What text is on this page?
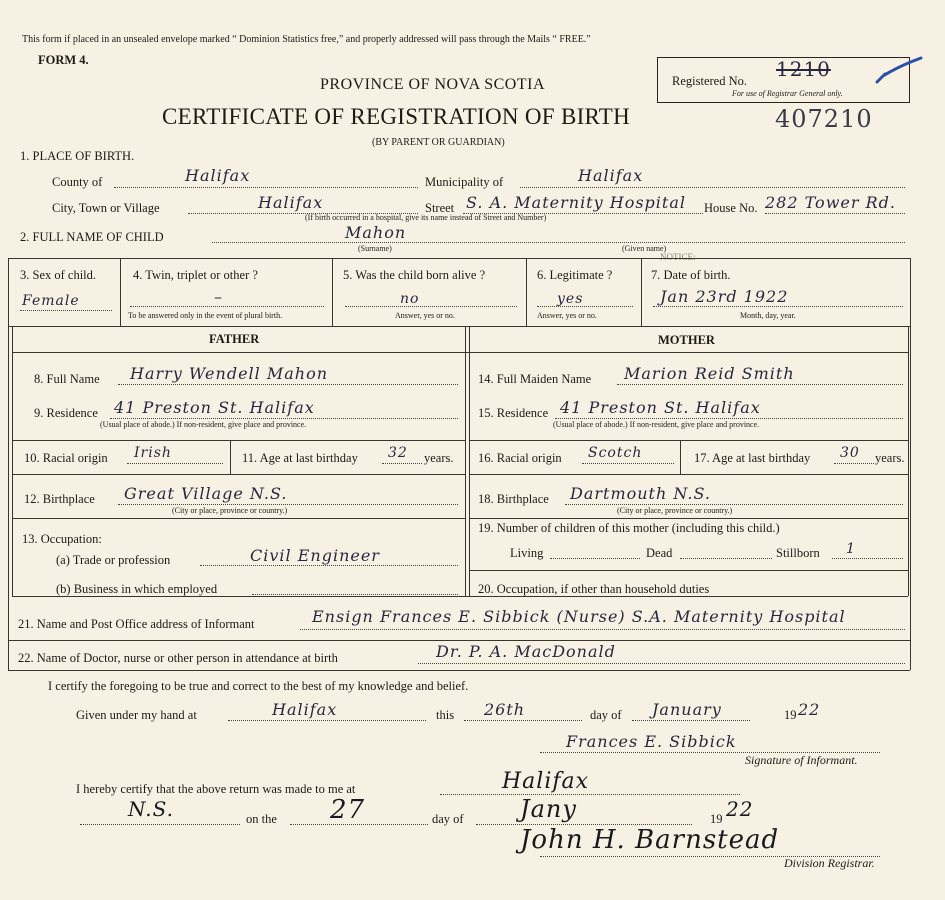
This form if placed in an unsealed envelope marked “ Dominion Statistics free,” and properly addressed will pass through the Mails “ FREE.”
FORM 4.
PROVINCE OF NOVA SCOTIA
CERTIFICATE OF REGISTRATION OF BIRTH	407210
(BY PARENT OR GUARDIAN)
Registered No. 1210
For use of Registrar General only.
1. PLACE OF BIRTH.
County of	Halifax	Municipality of	Halifax
City, Town or Village	Halifax	Street S. A. Maternity Hospital House No. 282 Tower Rd.
(If birth occurred in a hospital, give its name instead of Street and Number)
2. FULL NAME OF CHILD	Mahon
(Surname)	(Given name)
NOTICE:
3. Sex of child.
Female
4. Twin, triplet or other ?
–
To be answered only in the event of plural birth.
5. Was the child born alive ?
no
Answer, yes or no.
6. Legitimate ?
yes
Answer, yes or no.
7. Date of birth.
Jan 23rd 1922
Month, day, year.
FATHER	MOTHER
8. Full Name Harry Wendell Mahon
9. Residence 41 Preston St. Halifax
(Usual place of abode.) If non-resident, give place and province.
10. Racial origin Irish	11. Age at last birthday 32 years.
12. Birthplace Great Village N.S.
(City or place, province or country.)
13. Occupation:
(a) Trade or profession	Civil Engineer
(b) Business in which employed
14. Full Maiden Name Marion Reid Smith
15. Residence 41 Preston St. Halifax
(Usual place of abode.) If non-resident, give place and province.
16. Racial origin Scotch	17. Age at last birthday 30 years.
18. Birthplace Dartmouth N.S.
(City or place, province or country.)
19. Number of children of this mother (including this child.)
Living	Dead	Stillborn 1
20. Occupation, if other than household duties
21. Name and Post Office address of Informant	Ensign Frances E. Sibbick (Nurse) S.A. Maternity Hospital
22. Name of Doctor, nurse or other person in attendance at birth	Dr. P. A. MacDonald
I certify the foregoing to be true and correct to the best of my knowledge and belief.
Given under my hand at	Halifax	this 26th	day of January	19 22
Frances E. Sibbick
Signature of Informant.
I hereby certify that the above return was made to me at	Halifax
N.S.	on the 27	day of Jany	19 22
John H. Barnstead
Division Registrar.
